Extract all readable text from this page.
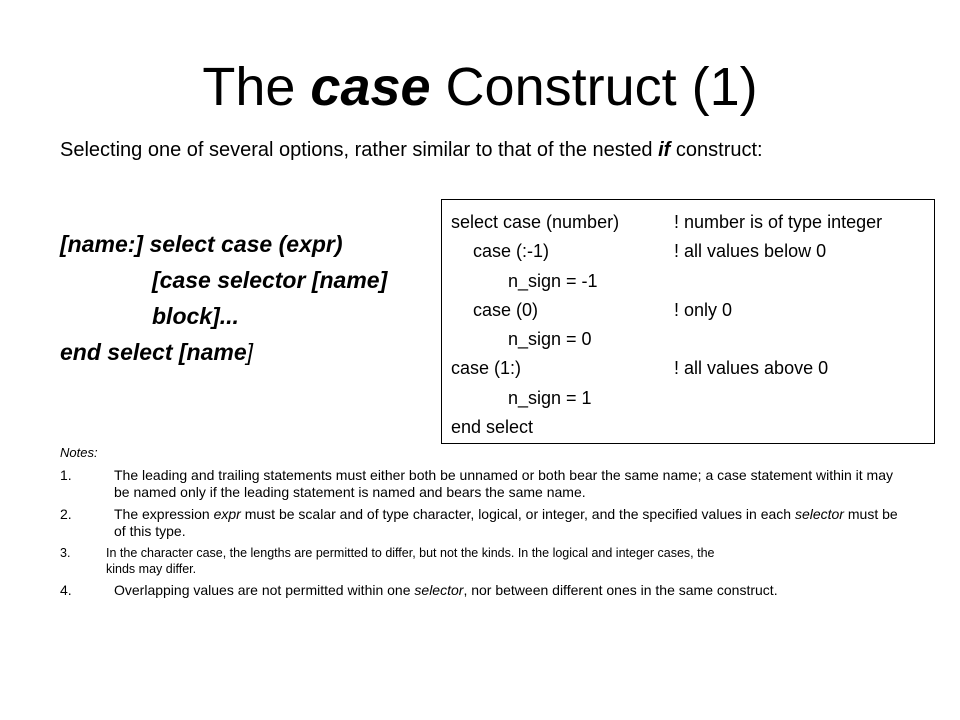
The case Construct (1)
Selecting one of several options, rather similar to that of the nested if construct:
[name:] select case (expr)
[case selector [name]
block]...
end select [name]
select case (number)	! number is of type integer
case (:-1)	! all values below 0
n_sign = -1
case (0)	! only 0
n_sign = 0
case (1:)	! all values above 0
n_sign = 1
end select
Notes:
1.	The leading and trailing statements must either both be unnamed or both bear the same name; a case statement within it may be named only if the leading statement is named and bears the same name.
2.	The expression expr must be scalar and of type character, logical, or integer, and the specified values in each selector must be of this type.
3.	In the character case, the lengths are permitted to differ, but not the kinds. In the logical and integer cases, the
kinds may differ.
4.	Overlapping values are not permitted within one selector, nor between different ones in the same construct.
